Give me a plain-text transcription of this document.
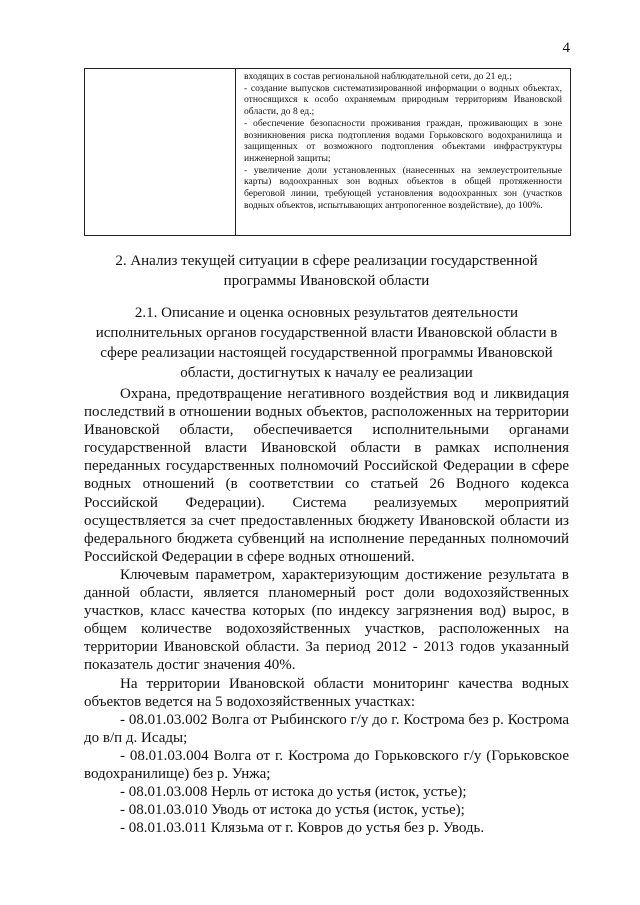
4
входящих в состав региональной наблюдательной сети, до 21 ед.;
- создание выпусков систематизированной информации о водных объектах, относящихся к особо охраняемым природным территориям Ивановской области, до 8 ед.;
- обеспечение безопасности проживания граждан, проживающих в зоне возникновения риска подтопления водами Горьковского водохранилища и защищенных от возможного подтопления объектами инфраструктуры инженерной защиты;
- увеличение доли установленных (нанесенных на землеустроительные карты) водоохранных зон водных объектов в общей протяженности береговой линии, требующей установления водоохранных зон (участков водных объектов, испытывающих антропогенное воздействие), до 100%.
2. Анализ текущей ситуации в сфере реализации государственной программы Ивановской области
2.1. Описание и оценка основных результатов деятельности исполнительных органов государственной власти Ивановской области в сфере реализации настоящей государственной программы Ивановской области, достигнутых к началу ее реализации

Охрана, предотвращение негативного воздействия вод и ликвидация последствий в отношении водных объектов, расположенных на территории Ивановской области, обеспечивается исполнительными органами государственной власти Ивановской области в рамках исполнения переданных государственных полномочий Российской Федерации в сфере водных отношений (в соответствии со статьей 26 Водного кодекса Российской Федерации). Система реализуемых мероприятий осуществляется за счет предоставленных бюджету Ивановской области из федерального бюджета субвенций на исполнение переданных полномочий Российской Федерации в сфере водных отношений.

Ключевым параметром, характеризующим достижение результата в данной области, является планомерный рост доли водохозяйственных участков, класс качества которых (по индексу загрязнения вод) вырос, в общем количестве водохозяйственных участков, расположенных на территории Ивановской области. За период 2012 - 2013 годов указанный показатель достиг значения 40%.

На территории Ивановской области мониторинг качества водных объектов ведется на 5 водохозяйственных участках:

- 08.01.03.002 Волга от Рыбинского г/у до г. Кострома без р. Кострома до в/п д. Исады;

- 08.01.03.004 Волга от г. Кострома до Горьковского г/у (Горьковское водохранилище) без р. Унжа;

- 08.01.03.008 Нерль от истока до устья (исток, устье);

- 08.01.03.010 Уводь от истока до устья (исток, устье);

- 08.01.03.011 Клязьма от г. Ковров до устья без р. Уводь.
